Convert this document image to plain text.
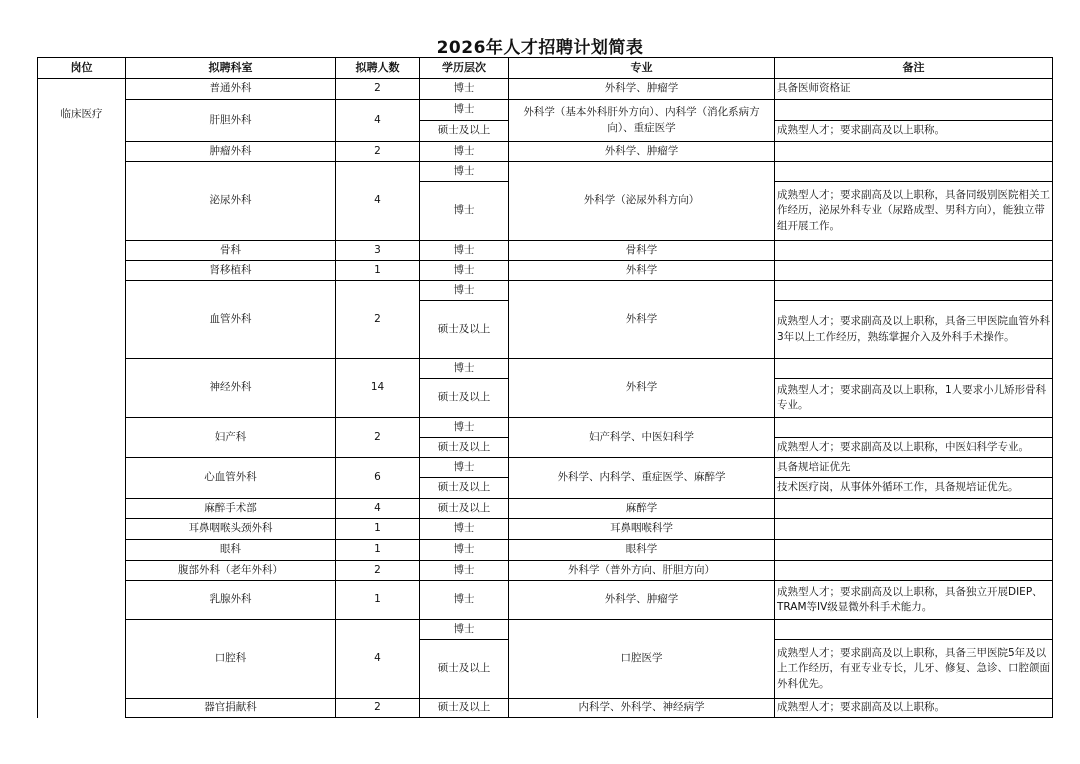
2026年人才招聘计划简表
岗位	拟聘科室	拟聘人数	学历层次	专业	备注
临床医疗	普通外科	2	博士	外科学、肿瘤学	具备医师资格证
	肝胆外科	4	博士	外科学（基本外科肝外方向）、内科学（消化系病方向）、重症医学	
			硕士及以上		成熟型人才；要求副高及以上职称。
	肿瘤外科	2	博士	外科学、肿瘤学	
	泌尿外科	4	博士	外科学（泌尿外科方向）	
			博士		成熟型人才；要求副高及以上职称，具备同级别医院相关工作经历，泌尿外科专业（尿路成型、男科方向），能独立带组开展工作。
	骨科	3	博士	骨科学	
	肾移植科	1	博士	外科学	
	血管外科	2	博士	外科学	
			硕士及以上		成熟型人才；要求副高及以上职称，具备三甲医院血管外科3年以上工作经历，熟练掌握介入及外科手术操作。
	神经外科	14	博士	外科学	
			硕士及以上		成熟型人才；要求副高及以上职称，1人要求小儿矫形骨科专业。
	妇产科	2	博士	妇产科学、中医妇科学	
			硕士及以上		成熟型人才；要求副高及以上职称，中医妇科学专业。
	心血管外科	6	博士	外科学、内科学、重症医学、麻醉学	具备规培证优先
			硕士及以上		技术医疗岗，从事体外循环工作，具备规培证优先。
	麻醉手术部	4	硕士及以上	麻醉学	
	耳鼻咽喉头颈外科	1	博士	耳鼻咽喉科学	
	眼科	1	博士	眼科学	
	腹部外科（老年外科）	2	博士	外科学（普外方向、肝胆方向）	
	乳腺外科	1	博士	外科学、肿瘤学	成熟型人才；要求副高及以上职称，具备独立开展DIEP、TRAM等IV级显微外科手术能力。
	口腔科	4	博士	口腔医学	
			硕士及以上		成熟型人才；要求副高及以上职称，具备三甲医院5年及以上工作经历，有亚专业专长，儿牙、修复、急诊、口腔颌面外科优先。
	器官捐献科	2	硕士及以上	内科学、外科学、神经病学	成熟型人才；要求副高及以上职称。
